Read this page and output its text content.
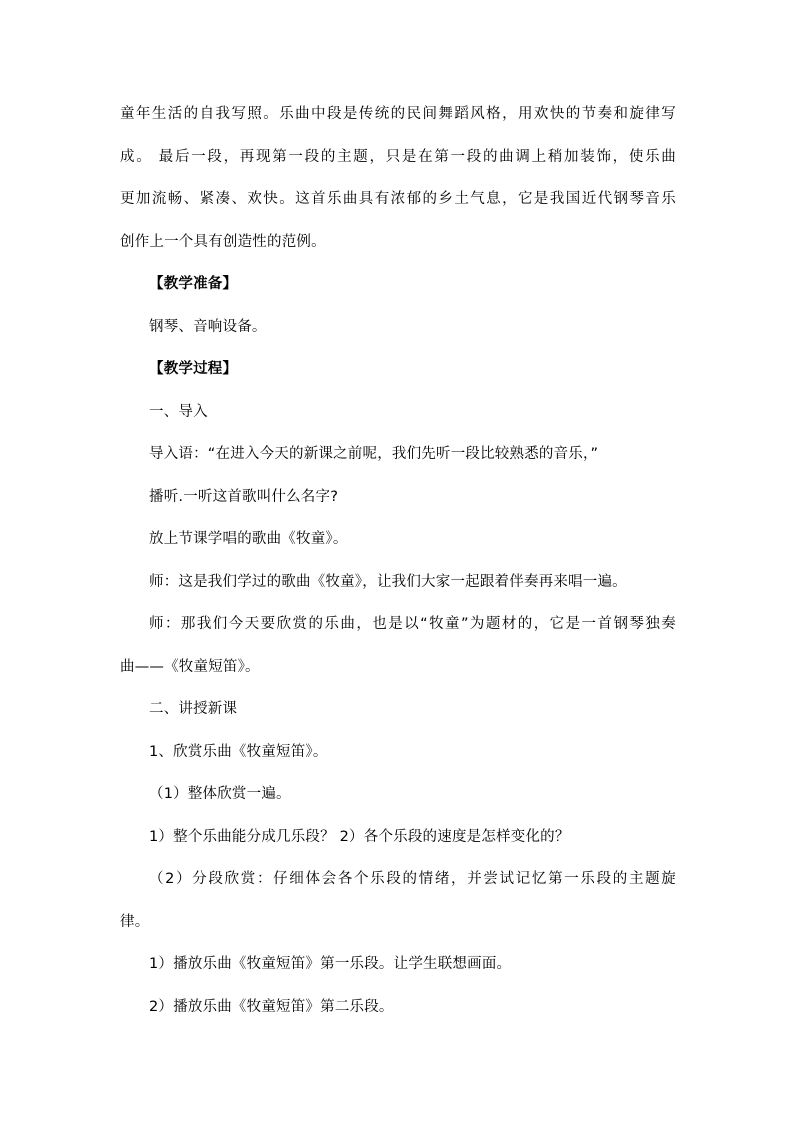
童年生活的自我写照。乐曲中段是传统的民间舞蹈风格，用欢快的节奏和旋律写
成。 最后一段，再现第一段的主题，只是在第一段的曲调上稍加装饰，使乐曲
更加流畅、紧凑、欢快。这首乐曲具有浓郁的乡土气息，它是我国近代钢琴音乐
创作上一个具有创造性的范例。
【教学准备】
钢琴、音响设备。
【教学过程】
一、导入
导入语：“在进入今天的新课之前呢，我们先听一段比较熟悉的音乐，”
播听.一听这首歌叫什么名字?
放上节课学唱的歌曲《牧童》。
师：这是我们学过的歌曲《牧童》，让我们大家一起跟着伴奏再来唱一遍。
师：那我们今天要欣赏的乐曲，也是以“牧童”为题材的，它是一首钢琴独奏
曲——《牧童短笛》。
二、讲授新课
1、欣赏乐曲《牧童短笛》。
（1）整体欣赏一遍。
1）整个乐曲能分成几乐段？ 2）各个乐段的速度是怎样变化的？
（2）分段欣赏：仔细体会各个乐段的情绪，并尝试记忆第一乐段的主题旋
律。
1）播放乐曲《牧童短笛》第一乐段。让学生联想画面。
2）播放乐曲《牧童短笛》第二乐段。
